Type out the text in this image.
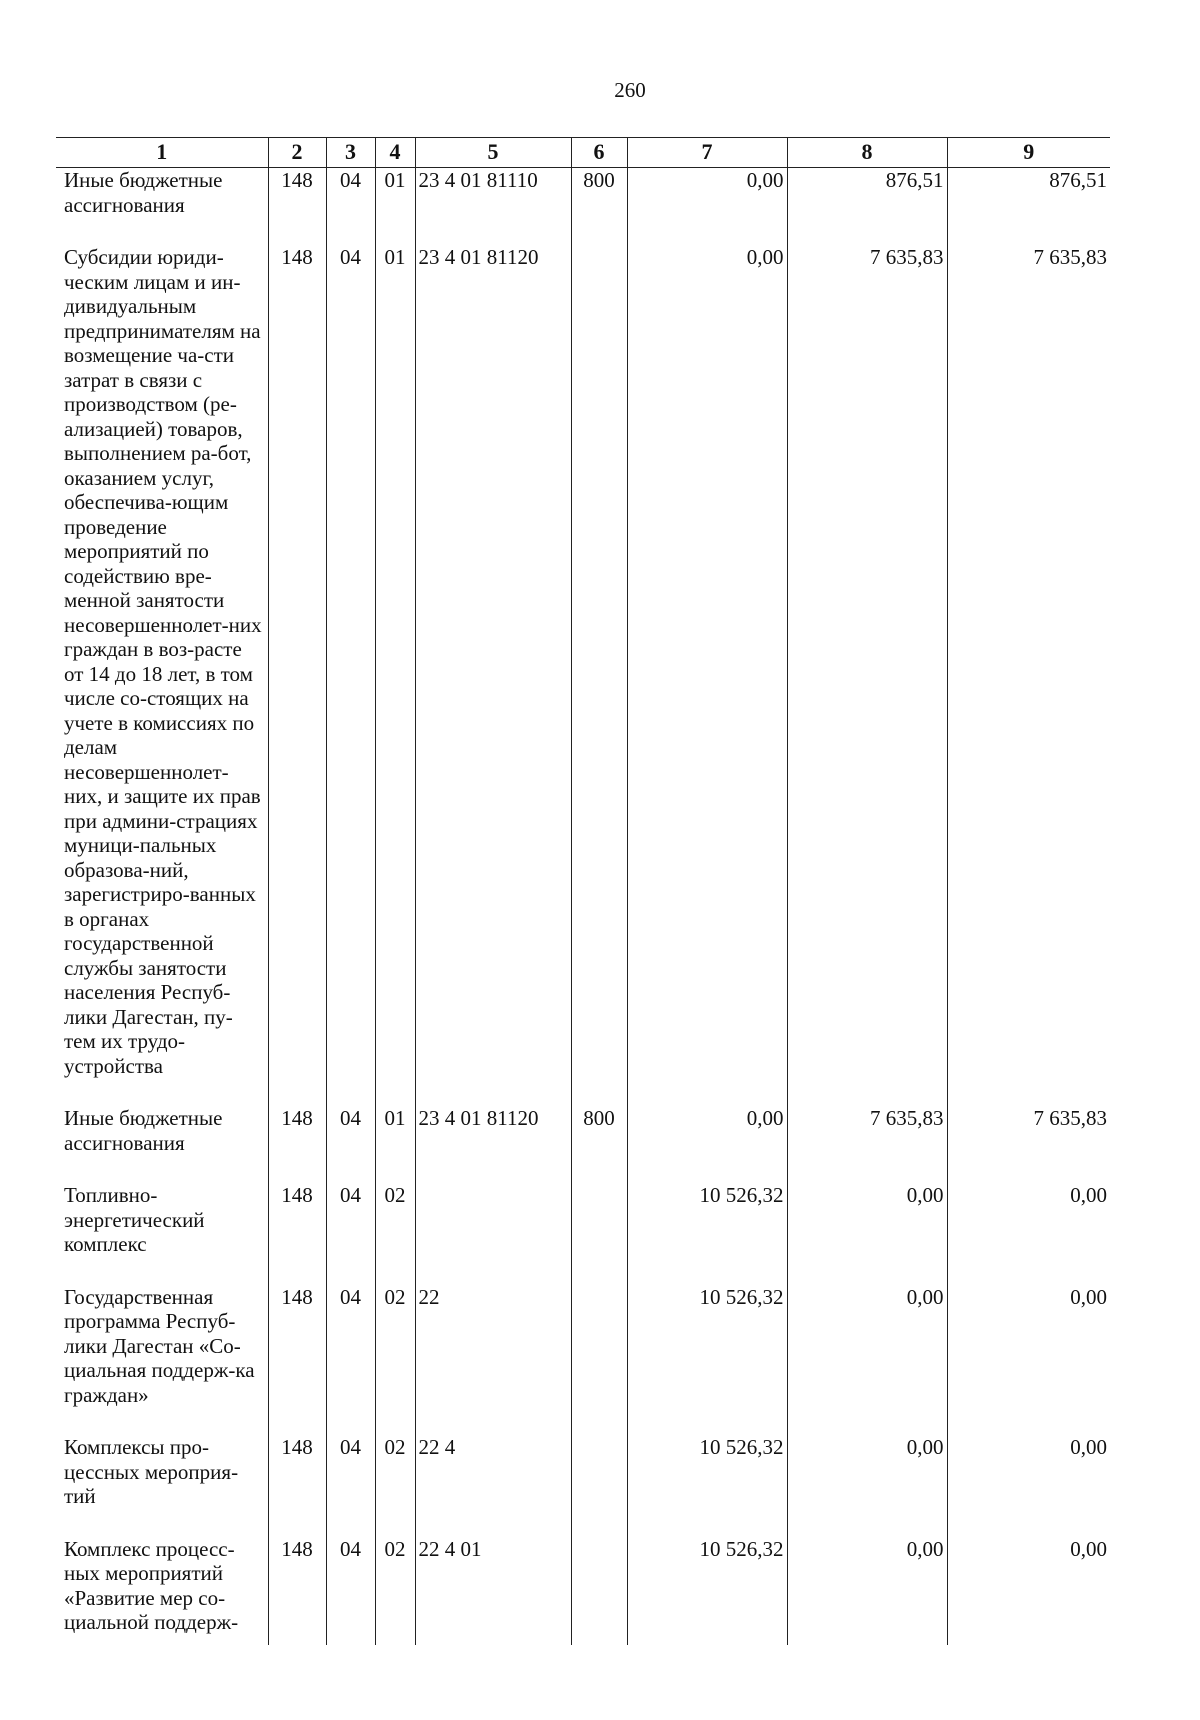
260
1	2	3	4	5	6	7	8	9
Иные бюджетные ассигнования	148	04	01	23 4 01 81110	800	0,00	876,51	876,51
Субсидии юриди-ческим лицам и ин-дивидуальным предпринимателям на возмещение ча-сти затрат в связи с производством (ре-ализацией) товаров, выполнением ра-бот, оказанием услуг, обеспечива-ющим проведение мероприятий по содействию вре-менной занятости несовершеннолет-них граждан в воз-расте от 14 до 18 лет, в том числе со-стоящих на учете в комиссиях по делам несовершеннолет-них, и защите их прав при админи-страциях муници-пальных образова-ний, зарегистриро-ванных в органах государственной службы занятости населения Респуб-лики Дагестан, пу-тем их трудо-устройства	148	04	01	23 4 01 81120		0,00	7 635,83	7 635,83
Иные бюджетные ассигнования	148	04	01	23 4 01 81120	800	0,00	7 635,83	7 635,83
Топливно-энергетический комплекс	148	04	02			10 526,32	0,00	0,00
Государственная программа Респуб-лики Дагестан «Со-циальная поддерж-ка граждан»	148	04	02	22		10 526,32	0,00	0,00
Комплексы про-цессных мероприя-тий	148	04	02	22 4		10 526,32	0,00	0,00
Комплекс процесс-ных мероприятий «Развитие мер со-циальной поддерж-	148	04	02	22 4 01		10 526,32	0,00	0,00
